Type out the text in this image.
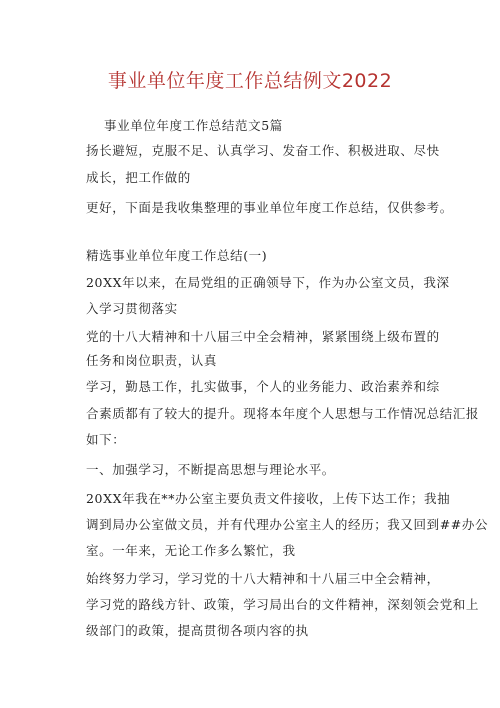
事业单位年度工作总结例文2022
事业单位年度工作总结范文5篇
扬长避短，克服不足、认真学习、发奋工作、积极进取、尽快
成长，把工作做的
更好，下面是我收集整理的事业单位年度工作总结，仅供参考。
精选事业单位年度工作总结(一)
20XX年以来，在局党组的正确领导下，作为办公室文员，我深
入学习贯彻落实
党的十八大精神和十八届三中全会精神，紧紧围绕上级布置的
任务和岗位职责，认真
学习，勤恳工作，扎实做事，个人的业务能力、政治素养和综
合素质都有了较大的提升。现将本年度个人思想与工作情况总结汇报
如下：
一、加强学习，不断提高思想与理论水平。
20XX年我在**办公室主要负责文件接收，上传下达工作；我抽
调到局办公室做文员，并有代理办公室主人的经历；我又回到##办公
室。一年来，无论工作多么繁忙，我
始终努力学习，学习党的十八大精神和十八届三中全会精神，
学习党的路线方针、政策，学习局出台的文件精神，深刻领会党和上
级部门的政策，提高贯彻各项内容的执
